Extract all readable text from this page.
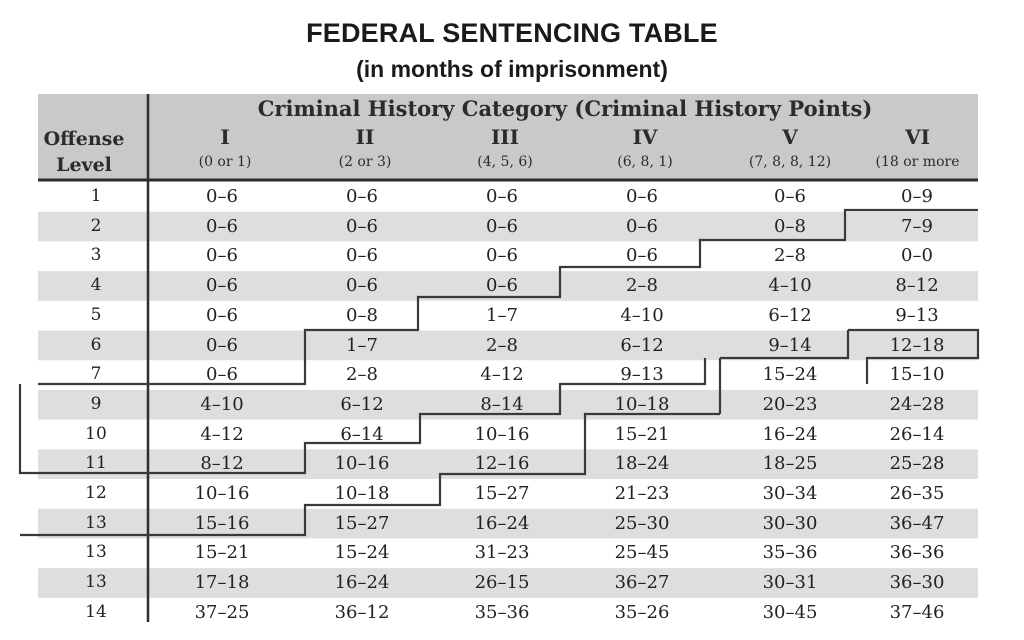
FEDERAL SENTENCING TABLE
(in months of imprisonment)
Criminal History Category (Criminal History Points)
Offense
Level
I	II	III	IV	V	VI
(0 or 1)	(2 or 3)	(4, 5, 6)	(6, 8, 1)	(7, 8, 8, 12)	(18 or more
1	0–6	0–6	0–6	0–6	0–6	0–9
2	0–6	0–6	0–6	0–6	0–8	7–9
3	0–6	0–6	0–6	0–6	2–8	0–0
4	0–6	0–6	0–6	2–8	4–10	8–12
5	0–6	0–8	1–7	4–10	6–12	9–13
6	0–6	1–7	2–8	6–12	9–14	12–18
7	0–6	2–8	4–12	9–13	15–24	15–10
9	4–10	6–12	8–14	10–18	20–23	24–28
10	4–12	6–14	10–16	15–21	16–24	26–14
11	8–12	10–16	12–16	18–24	18–25	25–28
12	10–16	10–18	15–27	21–23	30–34	26–35
13	15–16	15–27	16–24	25–30	30–30	36–47
13	15–21	15–24	31–23	25–45	35–36	36–36
13	17–18	16–24	26–15	36–27	30–31	36–30
14	37–25	36–12	35–36	35–26	30–45	37–46
